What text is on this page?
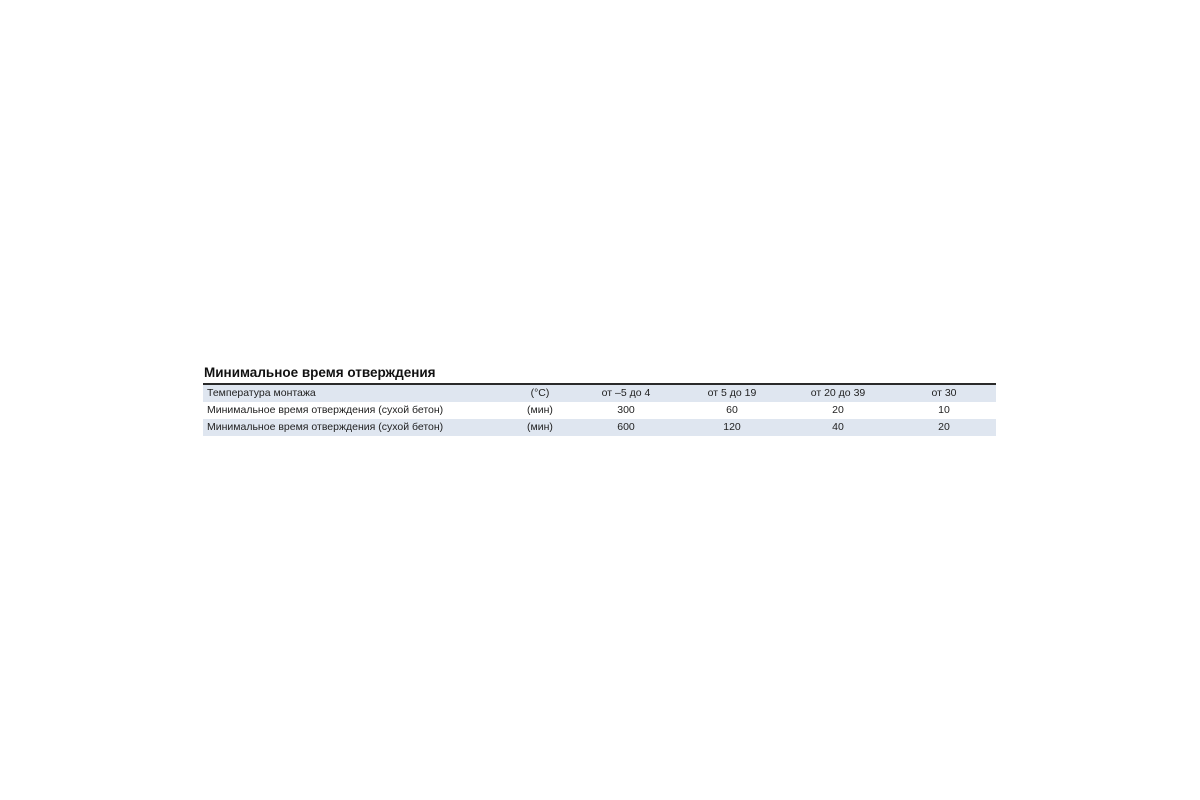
Минимальное время отверждения
Температура монтажа	(°C)	от –5 до 4	от 5 до 19	от 20 до 39	от 30
Минимальное время отверждения (сухой бетон)	(мин)	300	60	20	10
Минимальное время отверждения (сухой бетон)	(мин)	600	120	40	20
